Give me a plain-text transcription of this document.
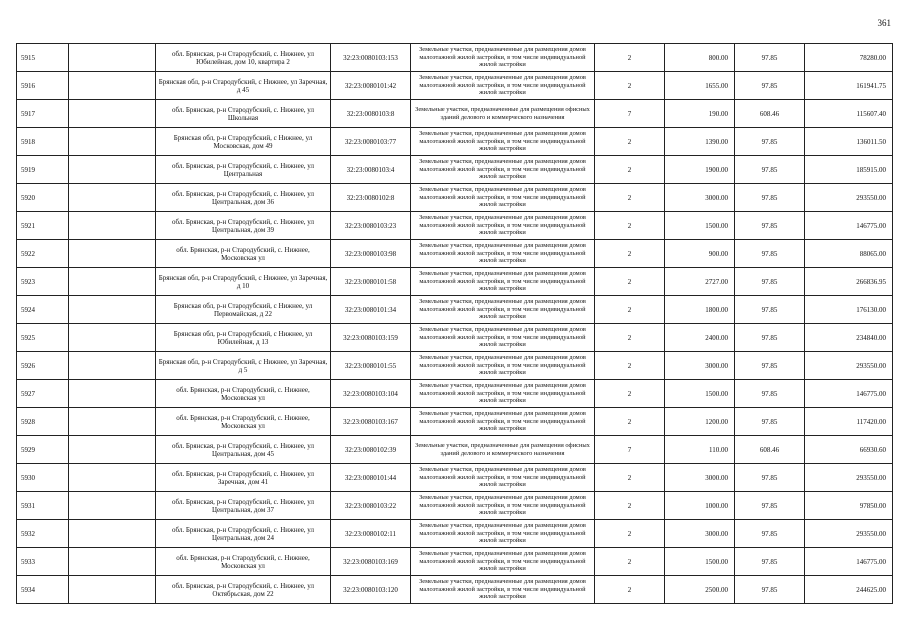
361
5915		обл. Брянская, р-н Стародубский, с. Нижнее, ул Юбилейная, дом 10, квартира 2	32:23:0080103:153	Земельные участки, предназначенные для размещения домов малоэтажной жилой застройки, в том числе индивидуальной жилой застройки	2	800.00	97.85	78280.00
5916		Брянская обл, р-н Стародубский, с Нижнее, ул Заречная, д 45	32:23:0080101:42	Земельные участки, предназначенные для размещения домов малоэтажной жилой застройки, в том числе индивидуальной жилой застройки	2	1655.00	97.85	161941.75
5917		обл. Брянская, р-н Стародубский, с. Нижнее, ул Школьная	32:23:0080103:8	Земельные участки, предназначенные для размещения офисных зданий делового и коммерческого назначения	7	190.00	608.46	115607.40
5918		Брянская обл, р-н Стародубский, с Нижнее, ул Московская, дом 49	32:23:0080103:77	Земельные участки, предназначенные для размещения домов малоэтажной жилой застройки, в том числе индивидуальной жилой застройки	2	1390.00	97.85	136011.50
5919		обл. Брянская, р-н Стародубский, с. Нижнее, ул Центральная	32:23:0080103:4	Земельные участки, предназначенные для размещения домов малоэтажной жилой застройки, в том числе индивидуальной жилой застройки	2	1900.00	97.85	185915.00
5920		обл. Брянская, р-н Стародубский, с. Нижнее, ул Центральная, дом 36	32:23:0080102:8	Земельные участки, предназначенные для размещения домов малоэтажной жилой застройки, в том числе индивидуальной жилой застройки	2	3000.00	97.85	293550.00
5921		обл. Брянская, р-н Стародубский, с. Нижнее, ул Центральная, дом 39	32:23:0080103:23	Земельные участки, предназначенные для размещения домов малоэтажной жилой застройки, в том числе индивидуальной жилой застройки	2	1500.00	97.85	146775.00
5922		обл. Брянская, р-н Стародубский, с. Нижнее, Московская ул	32:23:0080103:98	Земельные участки, предназначенные для размещения домов малоэтажной жилой застройки, в том числе индивидуальной жилой застройки	2	900.00	97.85	88065.00
5923		Брянская обл, р-н Стародубский, с Нижнее, ул Заречная, д 10	32:23:0080101:58	Земельные участки, предназначенные для размещения домов малоэтажной жилой застройки, в том числе индивидуальной жилой застройки	2	2727.00	97.85	266836.95
5924		Брянская обл, р-н Стародубский, с Нижнее, ул Первомайская, д 22	32:23:0080101:34	Земельные участки, предназначенные для размещения домов малоэтажной жилой застройки, в том числе индивидуальной жилой застройки	2	1800.00	97.85	176130.00
5925		Брянская обл, р-н Стародубский, с Нижнее, ул Юбилейная, д 13	32:23:0080103:159	Земельные участки, предназначенные для размещения домов малоэтажной жилой застройки, в том числе индивидуальной жилой застройки	2	2400.00	97.85	234840.00
5926		Брянская обл, р-н Стародубский, с Нижнее, ул Заречная, д 5	32:23:0080101:55	Земельные участки, предназначенные для размещения домов малоэтажной жилой застройки, в том числе индивидуальной жилой застройки	2	3000.00	97.85	293550.00
5927		обл. Брянская, р-н Стародубский, с. Нижнее, Московская ул	32:23:0080103:104	Земельные участки, предназначенные для размещения домов малоэтажной жилой застройки, в том числе индивидуальной жилой застройки	2	1500.00	97.85	146775.00
5928		обл. Брянская, р-н Стародубский, с. Нижнее, Московская ул	32:23:0080103:167	Земельные участки, предназначенные для размещения домов малоэтажной жилой застройки, в том числе индивидуальной жилой застройки	2	1200.00	97.85	117420.00
5929		обл. Брянская, р-н Стародубский, с. Нижнее, ул Центральная, дом 45	32:23:0080102:39	Земельные участки, предназначенные для размещения офисных зданий делового и коммерческого назначения	7	110.00	608.46	66930.60
5930		обл. Брянская, р-н Стародубский, с. Нижнее, ул Заречная, дом 41	32:23:0080101:44	Земельные участки, предназначенные для размещения домов малоэтажной жилой застройки, в том числе индивидуальной жилой застройки	2	3000.00	97.85	293550.00
5931		обл. Брянская, р-н Стародубский, с. Нижнее, ул Центральная, дом 37	32:23:0080103:22	Земельные участки, предназначенные для размещения домов малоэтажной жилой застройки, в том числе индивидуальной жилой застройки	2	1000.00	97.85	97850.00
5932		обл. Брянская, р-н Стародубский, с. Нижнее, ул Центральная, дом 24	32:23:0080102:11	Земельные участки, предназначенные для размещения домов малоэтажной жилой застройки, в том числе индивидуальной жилой застройки	2	3000.00	97.85	293550.00
5933		обл. Брянская, р-н Стародубский, с. Нижнее, Московская ул	32:23:0080103:169	Земельные участки, предназначенные для размещения домов малоэтажной жилой застройки, в том числе индивидуальной жилой застройки	2	1500.00	97.85	146775.00
5934		обл. Брянская, р-н Стародубский, с. Нижнее, ул Октябрьская, дом 22	32:23:0080103:120	Земельные участки, предназначенные для размещения домов малоэтажной жилой застройки, в том числе индивидуальной жилой застройки	2	2500.00	97.85	244625.00
